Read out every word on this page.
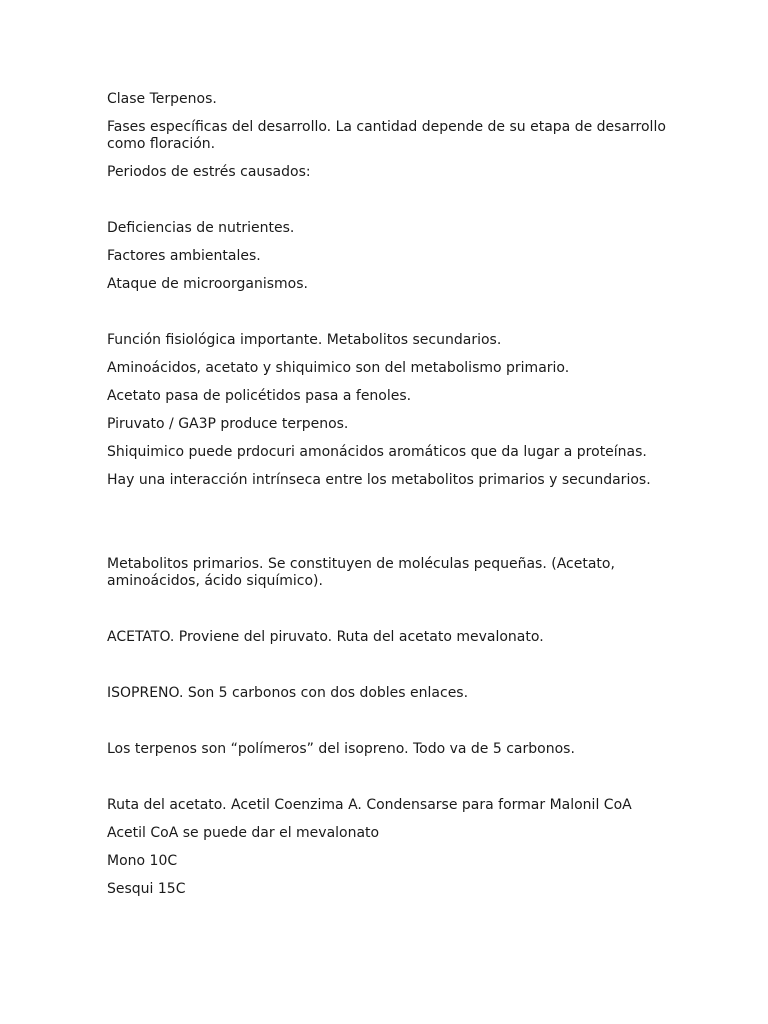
Clase Terpenos.

Fases específicas del desarrollo. La cantidad depende de su etapa de desarrollo como floración.

Periodos de estrés causados:

Deficiencias de nutrientes.

Factores ambientales.

Ataque de microorganismos.

Función fisiológica importante. Metabolitos secundarios.

Aminoácidos, acetato y shiquimico son del metabolismo primario.

Acetato pasa de policétidos pasa a fenoles.

Piruvato / GA3P produce terpenos.

Shiquimico puede prdocuri amonácidos aromáticos que da lugar a proteínas.

Hay una interacción intrínseca entre los metabolitos primarios y secundarios.

Metabolitos primarios. Se constituyen de moléculas pequeñas. (Acetato, aminoácidos, ácido siquímico).

ACETATO. Proviene del piruvato. Ruta del acetato mevalonato.

ISOPRENO. Son 5 carbonos con dos dobles enlaces.

Los terpenos son “polímeros” del isopreno. Todo va de 5 carbonos.

Ruta del acetato. Acetil Coenzima A. Condensarse para formar Malonil CoA

Acetil CoA se puede dar el mevalonato

Mono 10C

Sesqui 15C
